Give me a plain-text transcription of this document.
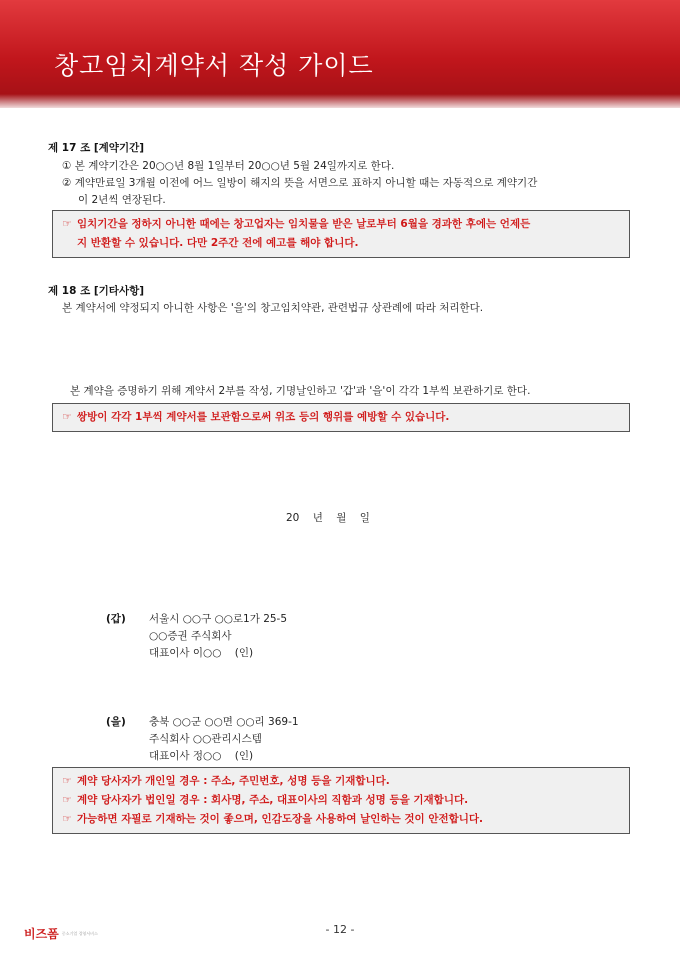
창고임치계약서 작성 가이드
제 17 조 [계약기간]
① 본 계약기간은 20○○년 8월 1일부터 20○○년 5월 24일까지로 한다.
② 계약만료일 3개월 이전에 어느 일방이 해지의 뜻을 서면으로 표하지 아니할 때는 자동적으로 계약기간
이 2년씩 연장된다.
☞ 임치기간을 정하지 아니한 때에는 창고업자는 임치물을 받은 날로부터 6월을 경과한 후에는 언제든
지 반환할 수 있습니다. 다만 2주간 전에 예고를 해야 합니다.
제 18 조 [기타사항]
본 계약서에 약정되지 아니한 사항은 '을'의 창고임치약관, 관련법규 상관례에 따라 처리한다.
본 계약을 증명하기 위해 계약서 2부를 작성, 기명날인하고 '갑'과 '을'이 각각 1부씩 보관하기로 한다.
☞ 쌍방이 각각 1부씩 계약서를 보관함으로써 위조 등의 행위를 예방할 수 있습니다.
20    년    월    일
(갑) 서울시 ○○구 ○○로1가 25-5
○○증권 주식회사
대표이사 이○○    (인)
(을) 충북 ○○군 ○○면 ○○리 369-1
주식회사 ○○관리시스템
대표이사 정○○    (인)
☞ 계약 당사자가 개인일 경우 : 주소, 주민번호, 성명 등을 기재합니다.
☞ 계약 당사자가 법인일 경우 : 회사명, 주소, 대표이사의 직함과 성명 등을 기재합니다.
☞ 가능하면 자필로 기재하는 것이 좋으며, 인감도장을 사용하여 날인하는 것이 안전합니다.
비즈폼 중소기업 경영서비스	- 12 -
